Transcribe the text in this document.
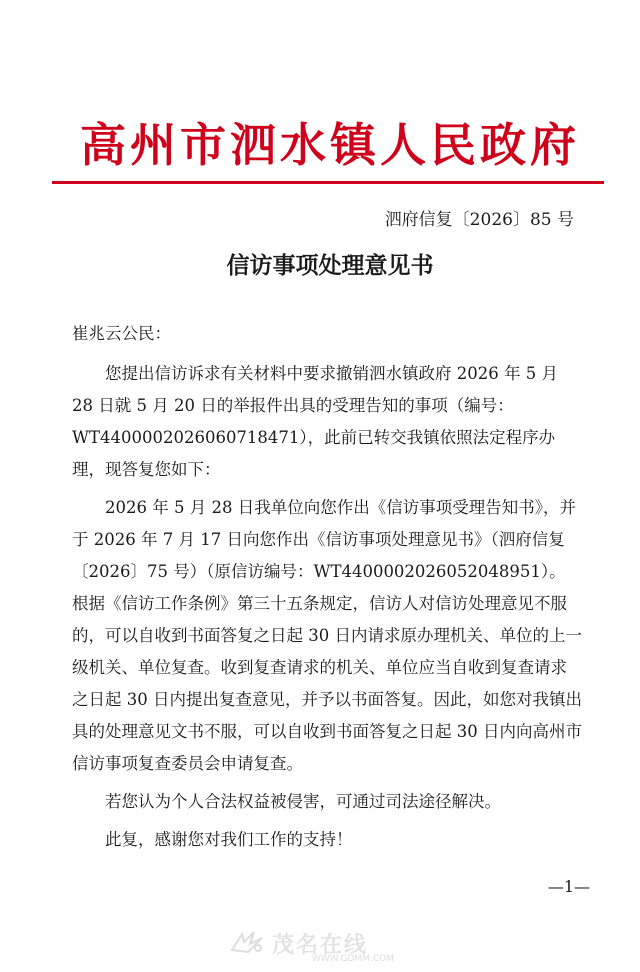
高州市泗水镇人民政府
泗府信复〔2026〕85 号
信访事项处理意见书

崔兆云公民：

您提出信访诉求有关材料中要求撤销泗水镇政府 2026 年 5 月 28 日就 5 月 20 日的举报件出具的受理告知的事项（编号：WT4400002026060718471），此前已转交我镇依照法定程序办理，现答复您如下：

2026 年 5 月 28 日我单位向您作出《信访事项受理告知书》，并于 2026 年 7 月 17 日向您作出《信访事项处理意见书》（泗府信复〔2026〕75 号）（原信访编号：WT4400002026052048951）。根据《信访工作条例》第三十五条规定，信访人对信访处理意见不服的，可以自收到书面答复之日起 30 日内请求原办理机关、单位的上一级机关、单位复查。收到复查请求的机关、单位应当自收到复查请求之日起 30 日内提出复查意见，并予以书面答复。因此，如您对我镇出具的处理意见文书不服，可以自收到书面答复之日起 30 日内向高州市信访事项复查委员会申请复查。

若您认为个人合法权益被侵害，可通过司法途径解决。

此复，感谢您对我们工作的支持！

—1—
茂名在线
WWW.GDMM.COM
